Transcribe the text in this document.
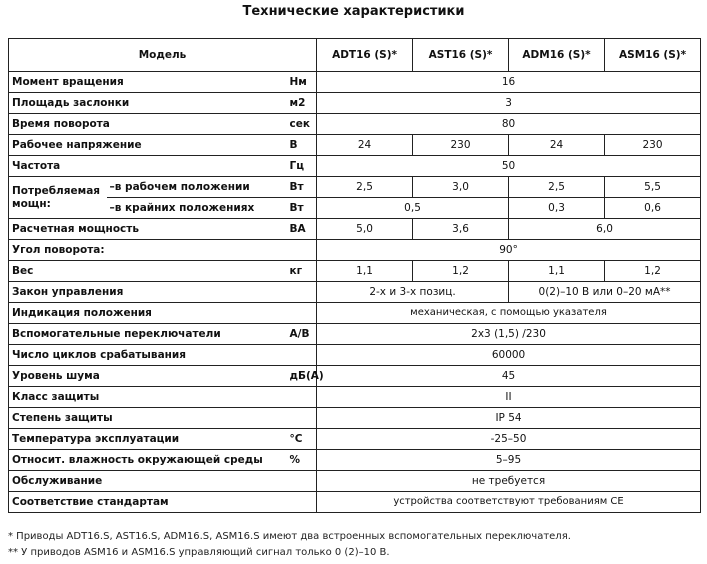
Технические характеристики
Модель			ADT16 (S)*	AST16 (S)*	ADM16 (S)*	ASM16 (S)*
Момент вращения		Нм	16			
Площадь заслонки		м2	3			
Время поворота		сек	80			
Рабочее напряжение		В	24	230	24	230
Частота		Гц	50			
Потребляемая мощн:	–в рабочем положении	Вт	2,5	3,0	2,5	5,5
	–в крайних положениях	Вт	0,5		0,3	0,6
Расчетная мощность		ВА	5,0	3,6	6,0	
Угол поворота:			90°			
Вес		кг	1,1	1,2	1,1	1,2
Закон управления			2-х и 3-х позиц.		0(2)–10 В или 0–20 мА**	
Индикация положения			механическая, с помощью указателя			
Вспомогательные переключатели		А/В	2x3 (1,5) /230			
Число циклов срабатывания			60000			
Уровень шума		дБ(А)	45			
Класс защиты			II			
Степень защиты			IP 54			
Температура эксплуатации		°С	-25–50			
Относит. влажность окружающей среды		%	5–95			
Обслуживание			не требуется			
Соответствие стандартам			устройства соответствуют требованиям CE			
* Приводы ADT16.S, AST16.S, ADM16.S, ASM16.S имеют два встроенных вспомогательных переключателя.
** У приводов ASM16 и ASM16.S управляющий сигнал только 0 (2)–10 В.
